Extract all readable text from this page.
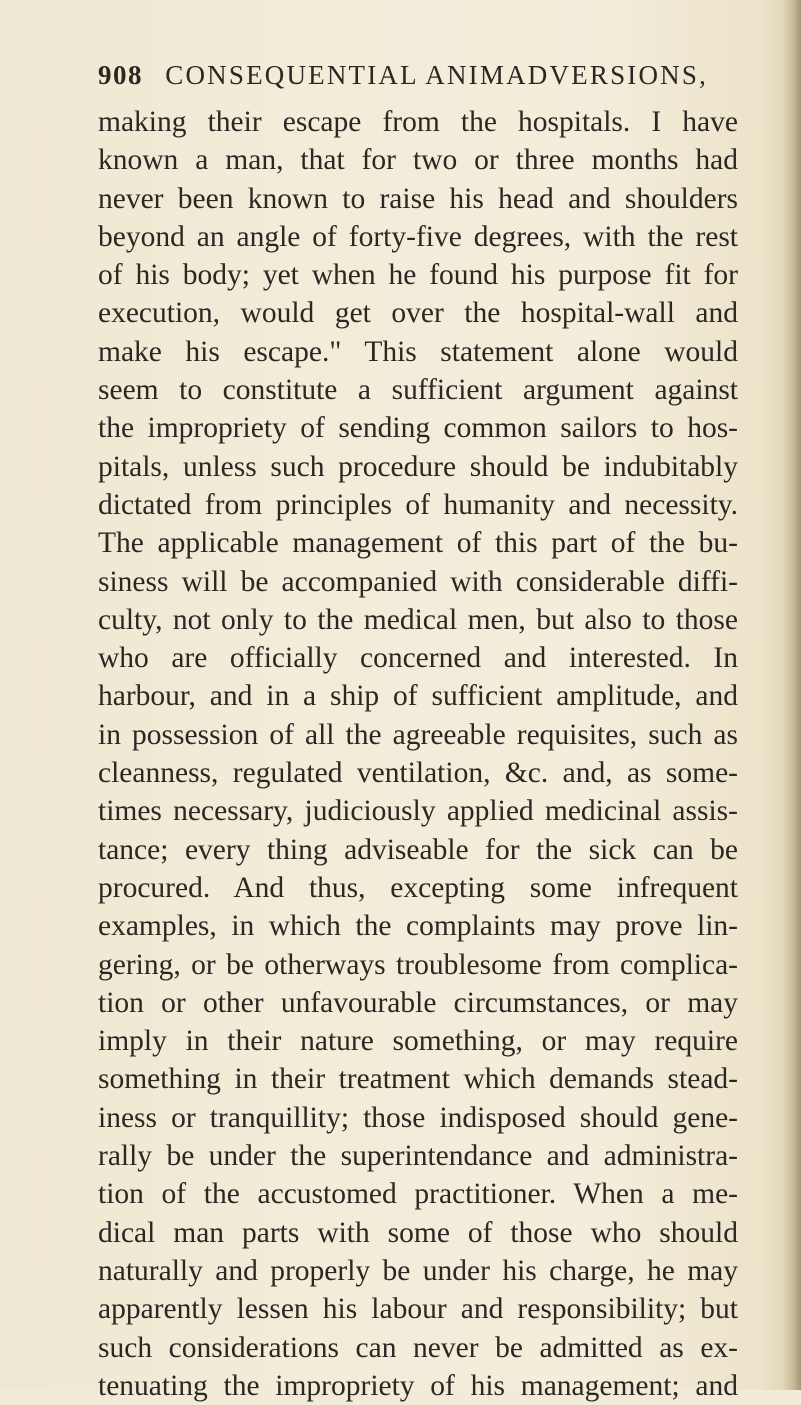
908 CONSEQUENTIAL ANIMADVERSIONS,
making their escape from the hospitals. I have
known a man, that for two or three months had
never been known to raise his head and shoulders
beyond an angle of forty-five degrees, with the rest
of his body; yet when he found his purpose fit for
execution, would get over the hospital-wall and
make his escape." This statement alone would
seem to constitute a sufficient argument against
the impropriety of sending common sailors to hos-
pitals, unless such procedure should be indubitably
dictated from principles of humanity and necessity.
The applicable management of this part of the bu-
siness will be accompanied with considerable diffi-
culty, not only to the medical men, but also to those
who are officially concerned and interested. In
harbour, and in a ship of sufficient amplitude, and
in possession of all the agreeable requisites, such as
cleanness, regulated ventilation, &c. and, as some-
times necessary, judiciously applied medicinal assis-
tance; every thing adviseable for the sick can be
procured. And thus, excepting some infrequent
examples, in which the complaints may prove lin-
gering, or be otherways troublesome from complica-
tion or other unfavourable circumstances, or may
imply in their nature something, or may require
something in their treatment which demands stead-
iness or tranquillity; those indisposed should gene-
rally be under the superintendance and administra-
tion of the accustomed practitioner. When a me-
dical man parts with some of those who should
naturally and properly be under his charge, he may
apparently lessen his labour and responsibility; but
such considerations can never be admitted as ex-
tenuating the impropriety of his management; and
